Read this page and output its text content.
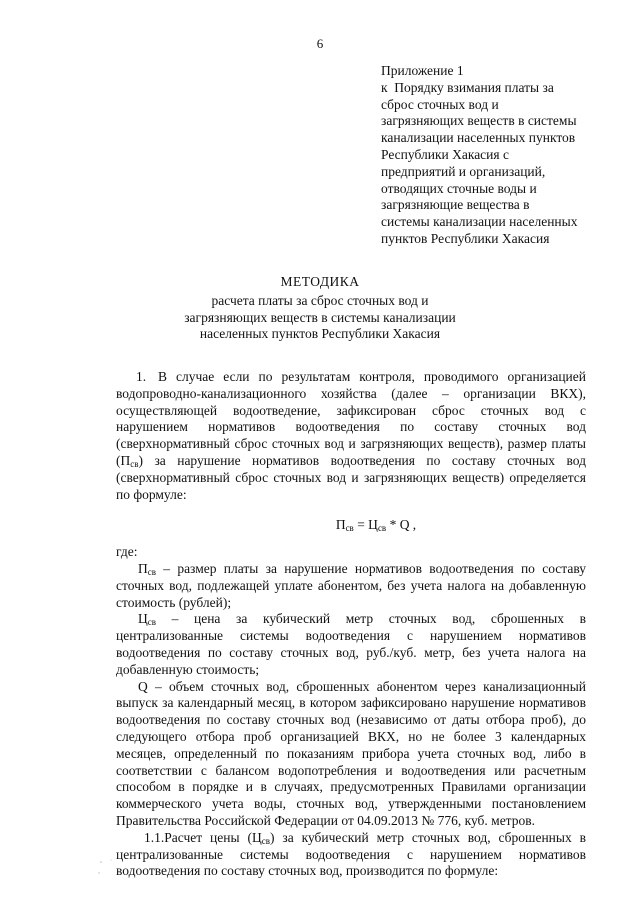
6
Приложение 1
к  Порядку взимания платы за
сброс сточных вод и
загрязняющих веществ в системы
канализации населенных пунктов
Республики Хакасия с
предприятий и организаций,
отводящих сточные воды и
загрязняющие вещества в
системы канализации населенных
пунктов Республики Хакасия
МЕТОДИКА
расчета платы за сброс сточных вод и
загрязняющих веществ в системы канализации
населенных пунктов Республики Хакасия

1. В случае если по результатам контроля, проводимого организацией водопроводно-канализационного хозяйства (далее – организации ВКХ), осуществляющей водоотведение, зафиксирован сброс сточных вод с нарушением нормативов водоотведения по составу сточных вод (сверхнормативный сброс сточных вод и загрязняющих веществ), размер платы $(П_{св})$ за нарушение нормативов водоотведения по составу сточных вод (сверхнормативный сброс сточных вод и загрязняющих веществ) определяется по формуле:

$П_{св} = Ц_{св} * Q$ ,

где:

$П_{св}$ – размер платы за нарушение нормативов водоотведения по составу сточных вод, подлежащей уплате абонентом, без учета налога на добавленную стоимость (рублей);

$Ц_{св}$ – цена за кубический метр сточных вод, сброшенных в централизованные системы водоотведения с нарушением нормативов водоотведения по составу сточных вод, руб./куб. метр, без учета налога на добавленную стоимость;

Q – объем сточных вод, сброшенных абонентом через канализационный выпуск за календарный месяц, в котором зафиксировано нарушение нормативов водоотведения по составу сточных вод (независимо от даты отбора проб), до следующего отбора проб организацией ВКХ, но не более 3 календарных месяцев, определенный по показаниям прибора учета сточных вод, либо в соответствии с балансом водопотребления и водоотведения или расчетным способом в порядке и в случаях, предусмотренных Правилами организации коммерческого учета воды, сточных вод, утвержденными постановлением Правительства Российской Федерации от 04.09.2013 № 776, куб. метров.

1.1.Расчет цены $(Ц_{св})$ за кубический метр сточных вод, сброшенных в централизованные системы водоотведения с нарушением нормативов водоотведения по составу сточных вод, производится по формуле:
